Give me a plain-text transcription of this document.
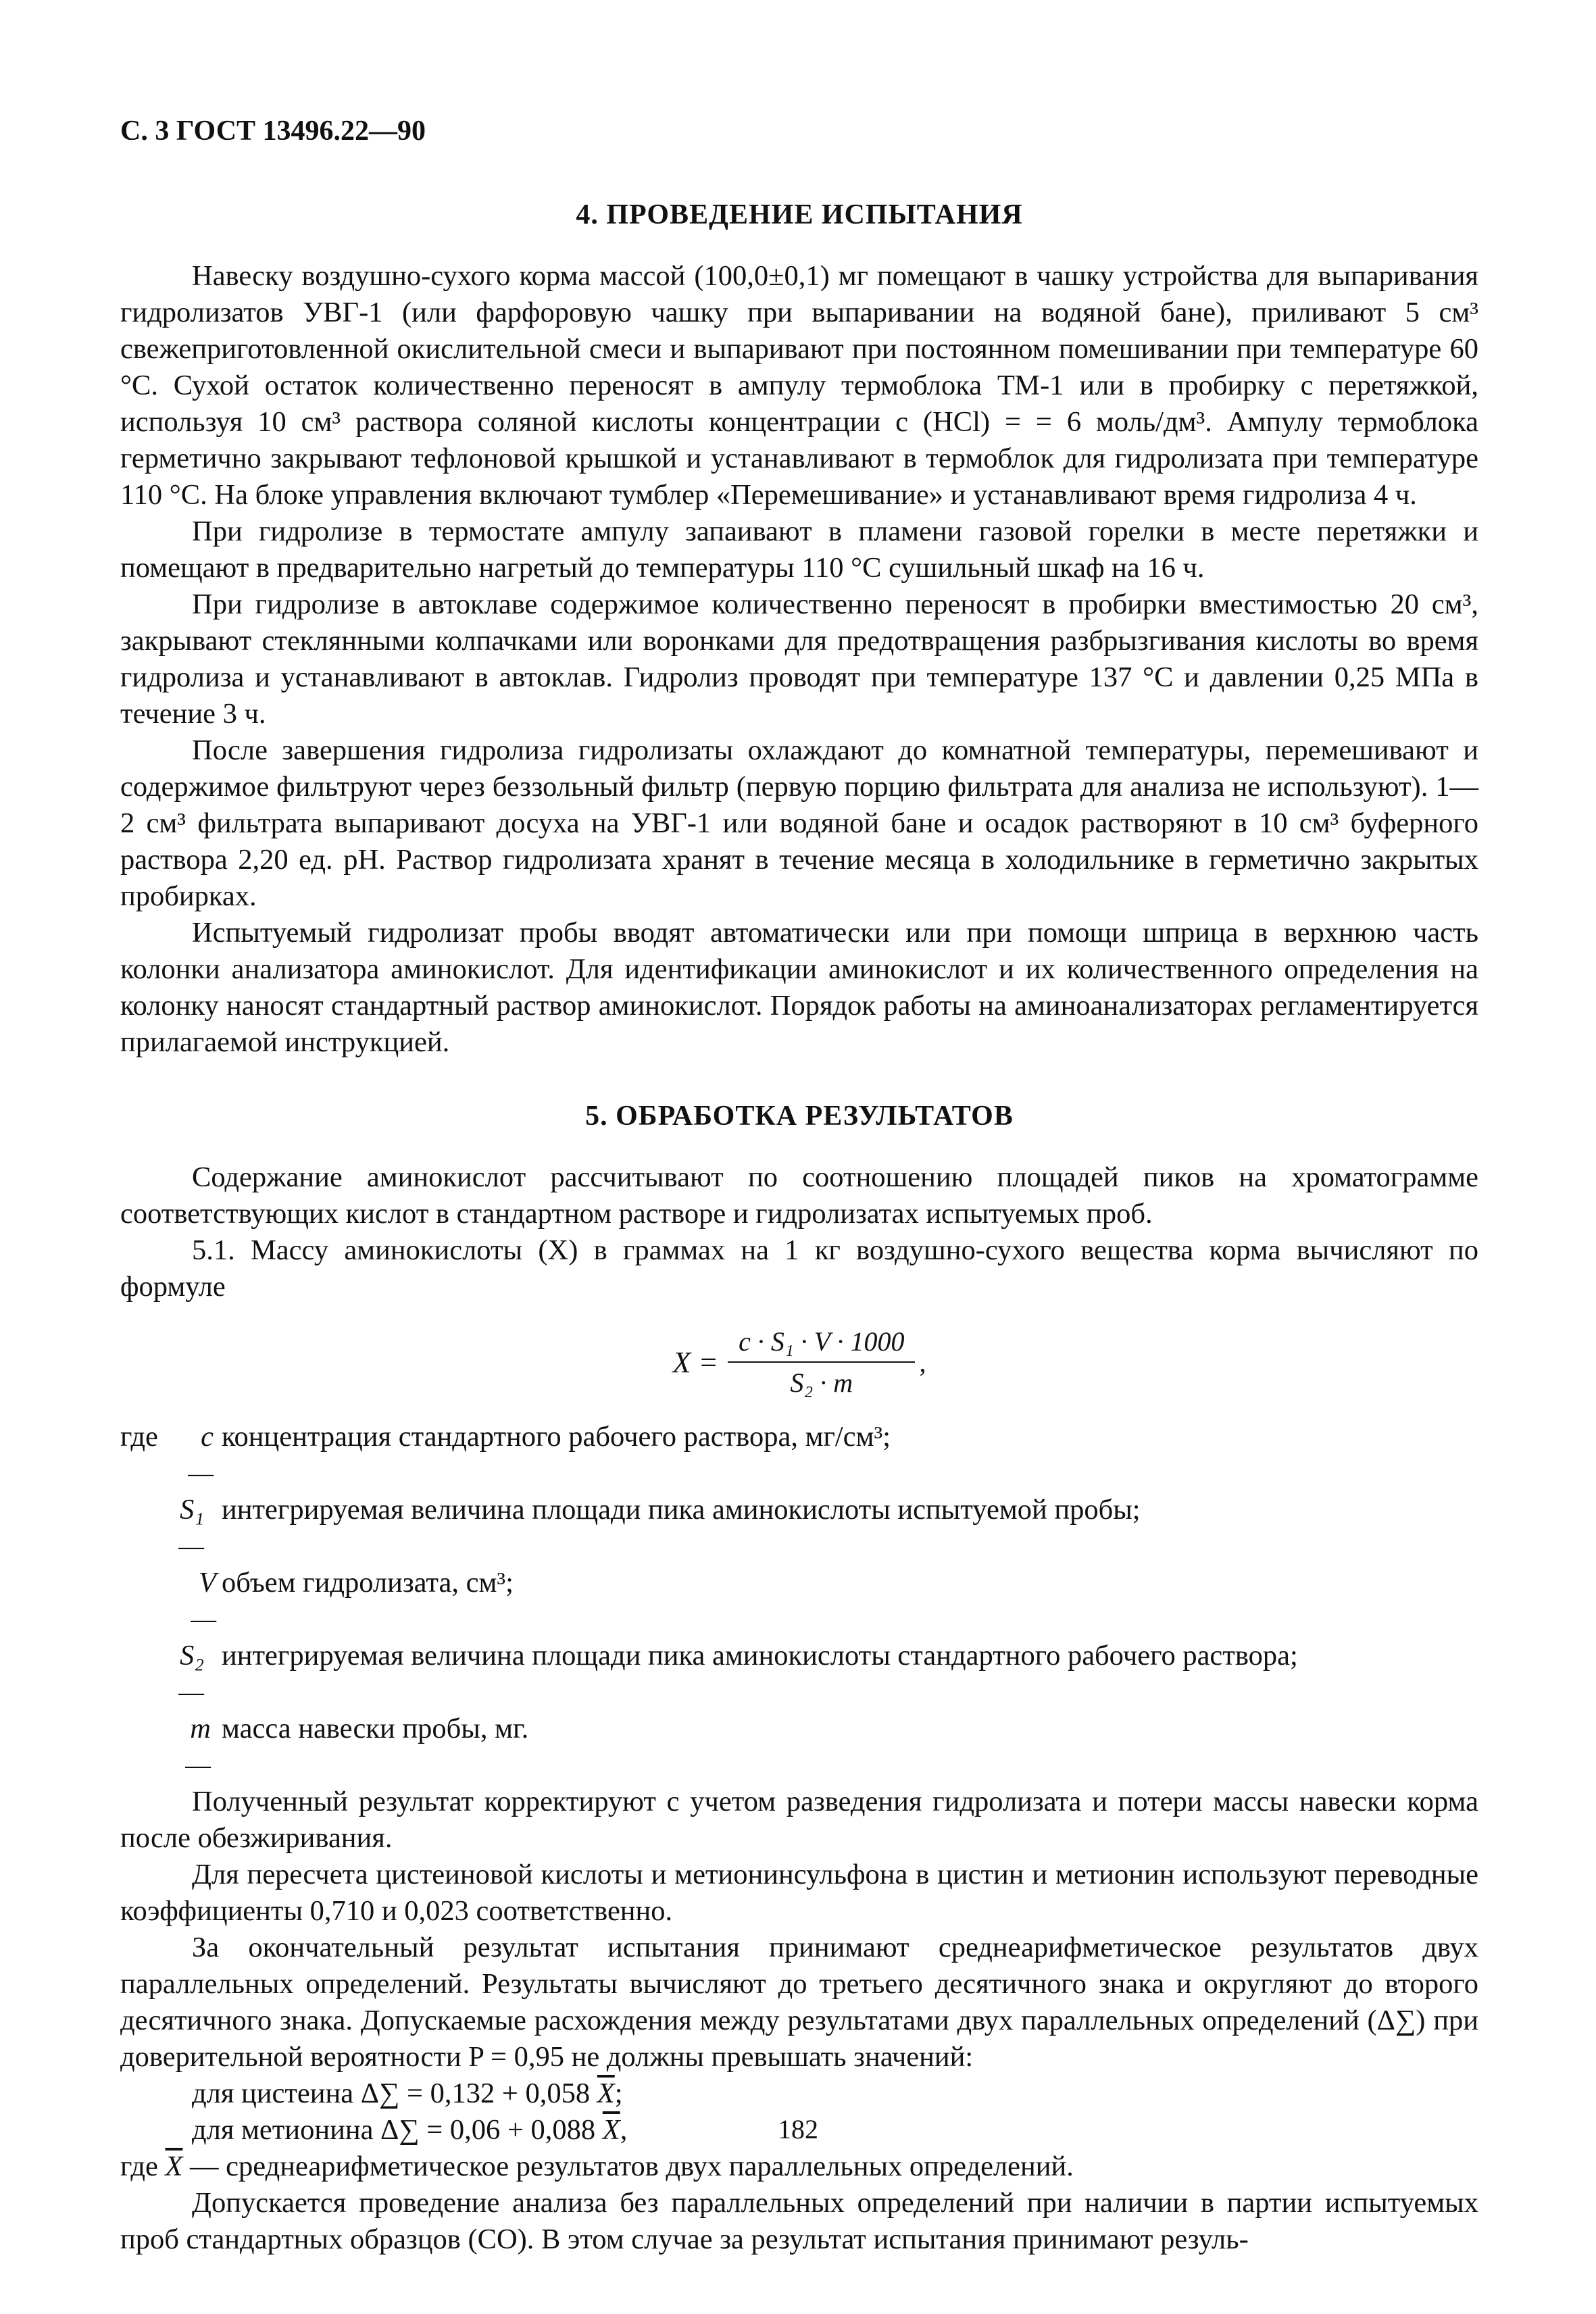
С. 3 ГОСТ 13496.22—90
4. ПРОВЕДЕНИЕ ИСПЫТАНИЯ

Навеску воздушно-сухого корма массой (100,0±0,1) мг помещают в чашку устройства для выпаривания гидролизатов УВГ-1 (или фарфоровую чашку при выпаривании на водяной бане), приливают 5 см³ свежеприготовленной окислительной смеси и выпаривают при постоянном помешивании при температуре 60 °С. Сухой остаток количественно переносят в ампулу термоблока ТМ-1 или в пробирку с перетяжкой, используя 10 см³ раствора соляной кислоты концентрации c (HCl) = = 6 моль/дм³. Ампулу термоблока герметично закрывают тефлоновой крышкой и устанавливают в термоблок для гидролизата при температуре 110 °С. На блоке управления включают тумблер «Перемешивание» и устанавливают время гидролиза 4 ч.

При гидролизе в термостате ампулу запаивают в пламени газовой горелки в месте перетяжки и помещают в предварительно нагретый до температуры 110 °С сушильный шкаф на 16 ч.

При гидролизе в автоклаве содержимое количественно переносят в пробирки вместимостью 20 см³, закрывают стеклянными колпачками или воронками для предотвращения разбрызгивания кислоты во время гидролиза и устанавливают в автоклав. Гидролиз проводят при температуре 137 °С и давлении 0,25 МПа в течение 3 ч.

После завершения гидролиза гидролизаты охлаждают до комнатной температуры, перемешивают и содержимое фильтруют через беззольный фильтр (первую порцию фильтрата для анализа не используют). 1—2 см³ фильтрата выпаривают досуха на УВГ-1 или водяной бане и осадок растворяют в 10 см³ буферного раствора 2,20 ед. pH. Раствор гидролизата хранят в течение месяца в холодильнике в герметично закрытых пробирках.

Испытуемый гидролизат пробы вводят автоматически или при помощи шприца в верхнюю часть колонки анализатора аминокислот. Для идентификации аминокислот и их количественного определения на колонку наносят стандартный раствор аминокислот. Порядок работы на аминоанализаторах регламентируется прилагаемой инструкцией.

5. ОБРАБОТКА РЕЗУЛЬТАТОВ

Содержание аминокислот рассчитывают по соотношению площадей пиков на хроматограмме соответствующих кислот в стандартном растворе и гидролизатах испытуемых проб.

5.1. Массу аминокислоты (X) в граммах на 1 кг воздушно-сухого вещества корма вычисляют по формуле

$X = \frac{\text{c · S₁ · V · 1000}}{\text{S₂ · m}}$ ,
где	c —
концентрация стандартного рабочего раствора, мг/см³;
S₁ —
интегрируемая величина площади пика аминокислоты испытуемой пробы;
V —
объем гидролизата, см³;
S₂ —
интегрируемая величина площади пика аминокислоты стандартного рабочего раствора;
m —
масса навески пробы, мг.

Полученный результат корректируют с учетом разведения гидролизата и потери массы навески корма после обезжиривания.

Для пересчета цистеиновой кислоты и метионинсульфона в цистин и метионин используют переводные коэффициенты 0,710 и 0,023 соответственно.

За окончательный результат испытания принимают среднеарифметическое результатов двух параллельных определений. Результаты вычисляют до третьего десятичного знака и округляют до второго десятичного знака. Допускаемые расхождения между результатами двух параллельных определений (Δ∑) при доверительной вероятности P = 0,95 не должны превышать значений:

для цистеина Δ∑ = 0,132 + 0,058 $\overline{X}$;
для метионина Δ∑ = 0,06 + 0,088 $\overline{X}$,
где $\overline{X}$ — среднеарифметическое результатов двух параллельных определений.

Допускается проведение анализа без параллельных определений при наличии в партии испытуемых проб стандартных образцов (СО). В этом случае за результат испытания принимают резуль-

182
